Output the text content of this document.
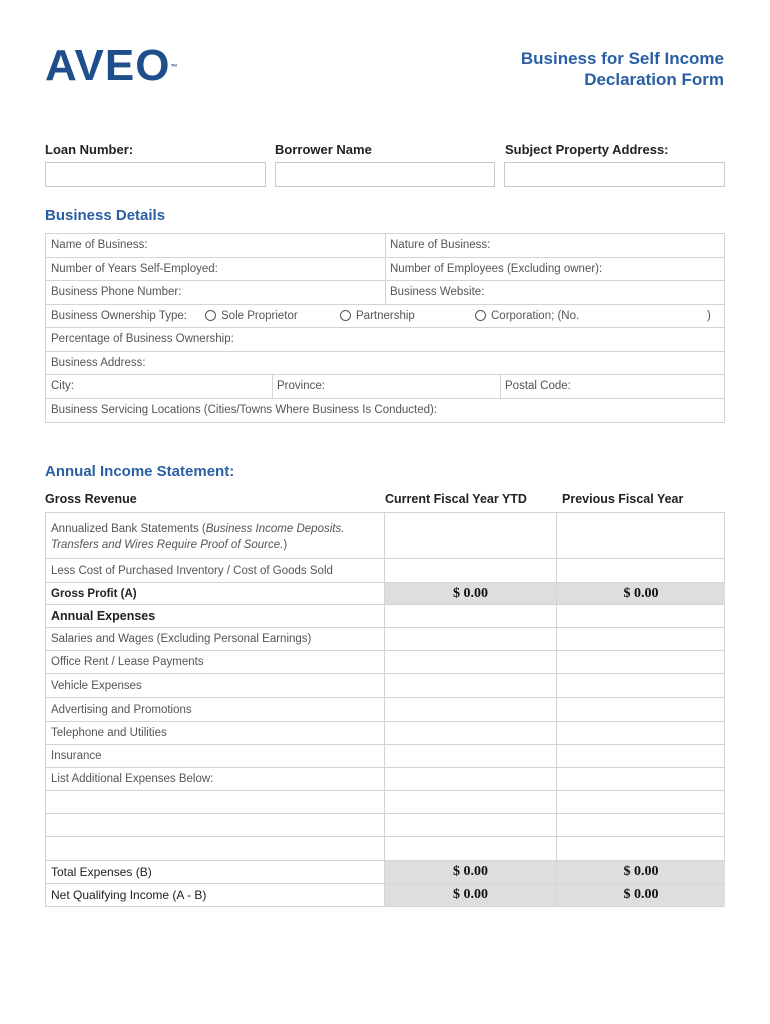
AVEO ™	Business for Self Income
Declaration Form
Loan Number:	Borrower Name	Subject Property Address:
Business Details
Name of Business:	Nature of Business:
Number of Years Self-Employed:	Number of Employees (Excluding owner):
Business Phone Number:	Business Website:
Business Ownership Type:	Sole Proprietor	Partnership	Corporation; (No.	)
Percentage of Business Ownership:
Business Address:
City:	Province:	Postal Code:
Business Servicing Locations (Cities/Towns Where Business Is Conducted):
Annual Income Statement:
Gross Revenue	Current Fiscal Year YTD	Previous Fiscal Year
Annualized Bank Statements (Business Income Deposits.
Transfers and Wires Require Proof of Source.)
Less Cost of Purchased Inventory / Cost of Goods Sold
Gross Profit (A)	$ 0.00	$ 0.00
Annual Expenses
Salaries and Wages (Excluding Personal Earnings)
Office Rent / Lease Payments
Vehicle Expenses
Advertising and Promotions
Telephone and Utilities
Insurance
List Additional Expenses Below:
Total Expenses (B)	$ 0.00	$ 0.00
Net Qualifying Income (A - B)	$ 0.00	$ 0.00
